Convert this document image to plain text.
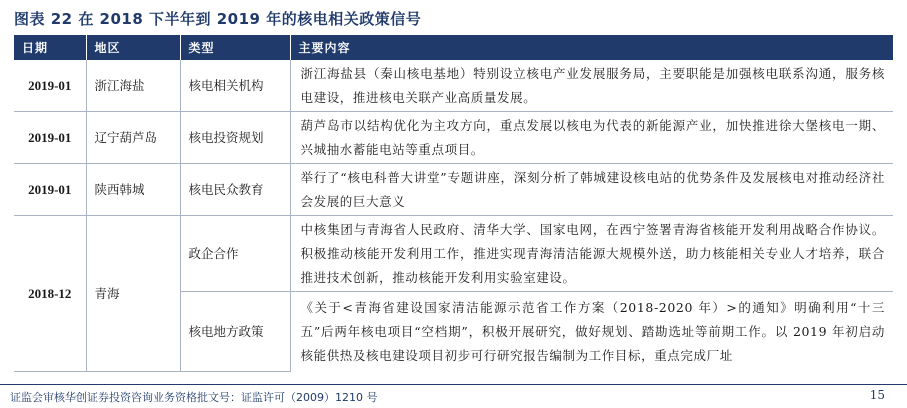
图表 22 在 2018 下半年到 2019 年的核电相关政策信号
日期	地区	类型	主要内容
2019-01	浙江海盐	核电相关机构	浙江海盐县（秦山核电基地）特别设立核电产业发展服务局，主要职能是加强核电联系沟通，服务核电建设，推进核电关联产业高质量发展。
2019-01	辽宁葫芦岛	核电投资规划	葫芦岛市以结构优化为主攻方向，重点发展以核电为代表的新能源产业，加快推进徐大堡核电一期、兴城抽水蓄能电站等重点项目。
2019-01	陕西韩城	核电民众教育	举行了“核电科普大讲堂”专题讲座，深刻分析了韩城建设核电站的优势条件及发展核电对推动经济社会发展的巨大意义
2018-12	青海	政企合作	中核集团与青海省人民政府、清华大学、国家电网，在西宁签署青海省核能开发利用战略合作协议。积极推动核能开发利用工作，推进实现青海清洁能源大规模外送，助力核能相关专业人才培养，联合推进技术创新，推动核能开发利用实验室建设。
		核电地方政策	《关于<青海省建设国家清洁能源示范省工作方案（2018-2020 年）>的通知》明确利用“十三五”后两年核电项目“空档期”，积极开展研究，做好规划、踏勘选址等前期工作。以 2019 年初启动核能供热及核电建设项目初步可行研究报告编制为工作目标，重点完成厂址
证监会审核华创证券投资咨询业务资格批文号：证监许可（2009）1210 号	15
